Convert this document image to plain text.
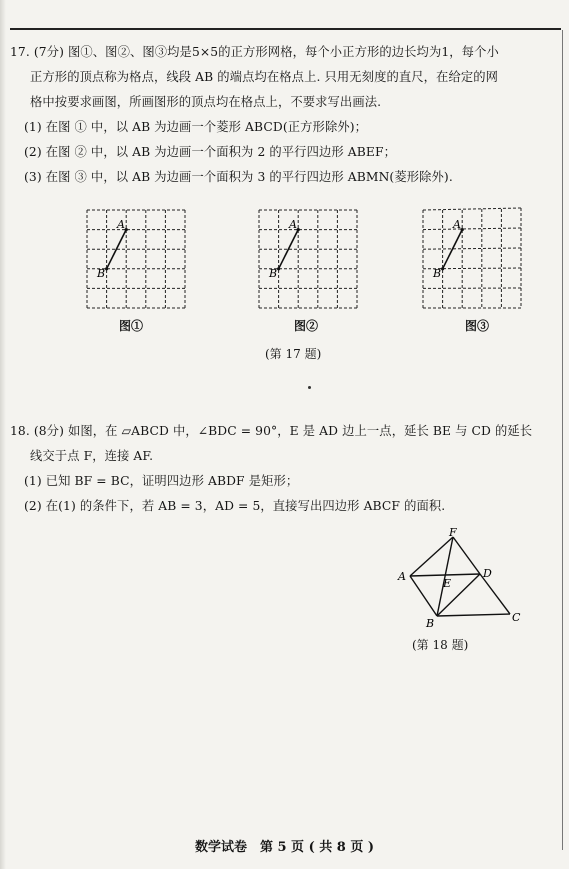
17. (7分) 图①、图②、图③均是5×5的正方形网格，每个小正方形的边长均为1，每个小
正方形的顶点称为格点，线段 AB 的端点均在格点上. 只用无刻度的直尺，在给定的网
格中按要求画图，所画图形的顶点均在格点上，不要求写出画法.
(1) 在图 ① 中，以 AB 为边画一个菱形 ABCD(正方形除外)；
(2) 在图 ② 中，以 AB 为边画一个面积为 2 的平行四边形 ABEF；
(3) 在图 ③ 中，以 AB 为边画一个面积为 3 的平行四边形 ABMN(菱形除外).
A
B
图①
A
B
图②
A
B
图③
(第 17 题)
18. (8分) 如图，在 ▱ABCD 中，∠BDC = 90°，E 是 AD 边上一点，延长 BE 与 CD 的延长
线交于点 F，连接 AF.
(1) 已知 BF = BC，证明四边形 ABDF 是矩形；
(2) 在(1) 的条件下，若 AB = 3，AD = 5，直接写出四边形 ABCF 的面积.
F
A
E
D
B	C
(第 18 题)
数学试卷　第 5 页 ( 共 8 页 )
